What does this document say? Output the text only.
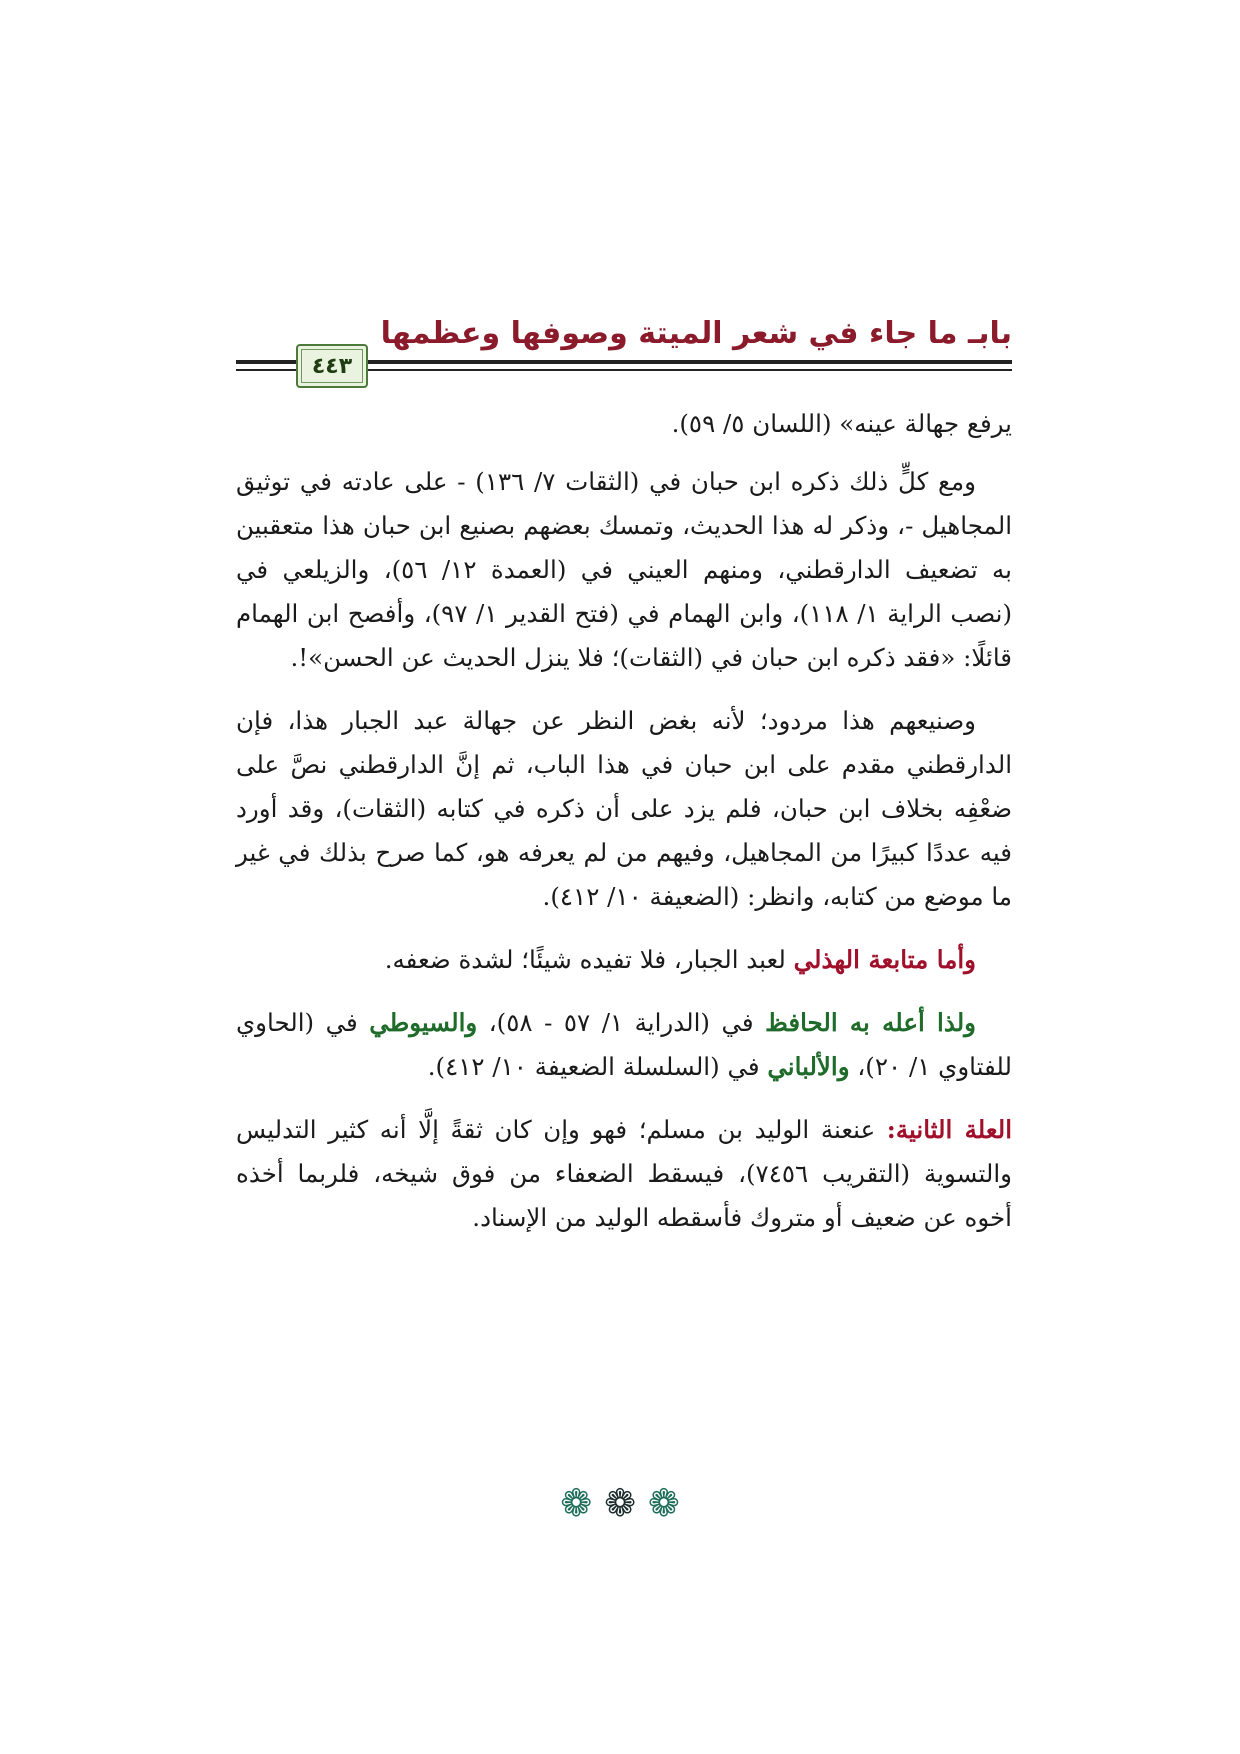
بابـ ما جاء في شعر الميتة وصوفها وعظمها
٤٤٣

يرفع جهالة عينه» (اللسان ٥/ ٥٩).

ومع كلٍّ ذلك ذكره ابن حبان في (الثقات ٧/ ١٣٦) - على عادته في توثيق المجاهيل -، وذكر له هذا الحديث، وتمسك بعضهم بصنيع ابن حبان هذا متعقبين به تضعيف الدارقطني، ومنهم العيني في (العمدة ١٢/ ٥٦)، والزيلعي في (نصب الراية ١/ ١١٨)، وابن الهمام في (فتح القدير ١/ ٩٧)، وأفصح ابن الهمام قائلًا: «فقد ذكره ابن حبان في (الثقات)؛ فلا ينزل الحديث عن الحسن»!.

وصنيعهم هذا مردود؛ لأنه بغض النظر عن جهالة عبد الجبار هذا، فإن الدارقطني مقدم على ابن حبان في هذا الباب، ثم إنَّ الدارقطني نصَّ على ضعْفِه بخلاف ابن حبان، فلم يزد على أن ذكره في كتابه (الثقات)، وقد أورد فيه عددًا كبيرًا من المجاهيل، وفيهم من لم يعرفه هو، كما صرح بذلك في غير ما موضع من كتابه، وانظر: (الضعيفة ١٠/ ٤١٢).

وأما متابعة الهذلي لعبد الجبار، فلا تفيده شيئًا؛ لشدة ضعفه.

ولذا أعله به الحافظ في (الدراية ١/ ٥٧ - ٥٨)، والسيوطي في (الحاوي للفتاوي ١/ ٢٠)، والألباني في (السلسلة الضعيفة ١٠/ ٤١٢).

العلة الثانية: عنعنة الوليد بن مسلم؛ فهو وإن كان ثقةً إلَّا أنه كثير التدليس والتسوية (التقريب ٧٤٥٦)، فيسقط الضعفاء من فوق شيخه، فلربما أخذه أخوه عن ضعيف أو متروك فأسقطه الوليد من الإسناد.

❁ ❁ ❁
